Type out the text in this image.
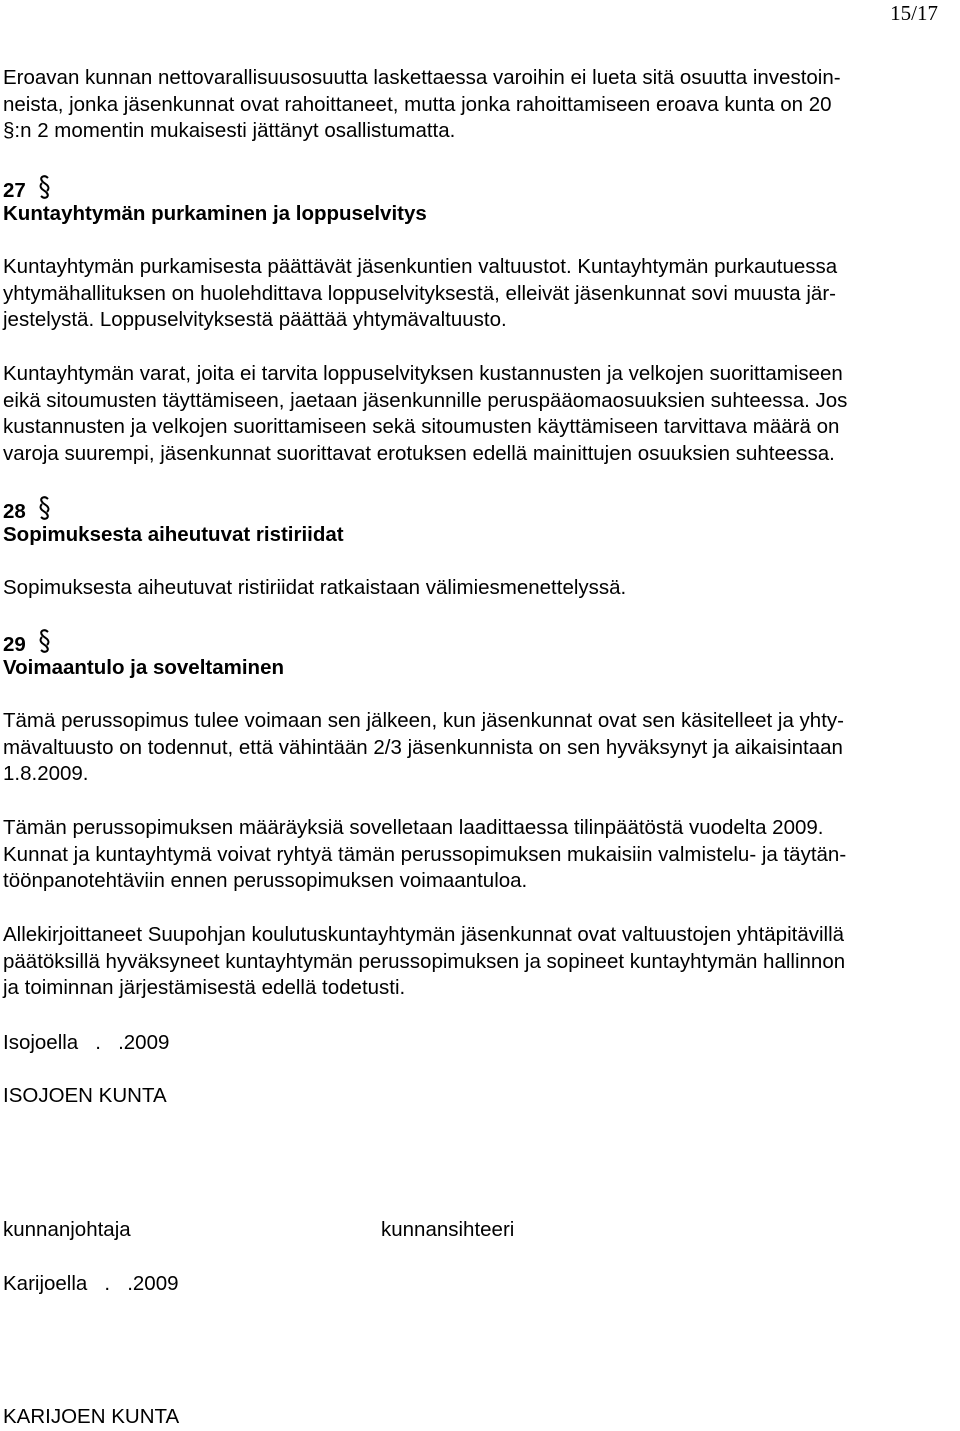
15/17
Eroavan kunnan nettovarallisuusosuutta laskettaessa varoihin ei lueta sitä osuutta investoin-
neista, jonka jäsenkunnat ovat rahoittaneet, mutta jonka rahoittamiseen eroava kunta on 20
§:n 2 momentin mukaisesti jättänyt osallistumatta.
27
Kuntayhtymän purkaminen ja loppuselvitys
Kuntayhtymän purkamisesta päättävät jäsenkuntien valtuustot. Kuntayhtymän purkautuessa
yhtymähallituksen on huolehdittava loppuselvityksestä, elleivät jäsenkunnat sovi muusta jär-
jestelystä. Loppuselvityksestä päättää yhtymävaltuusto.
Kuntayhtymän varat, joita ei tarvita loppuselvityksen kustannusten ja velkojen suorittamiseen
eikä sitoumusten täyttämiseen, jaetaan jäsenkunnille peruspääomaosuuksien suhteessa. Jos
kustannusten ja velkojen suorittamiseen sekä sitoumusten käyttämiseen tarvittava määrä on
varoja suurempi, jäsenkunnat suorittavat erotuksen edellä mainittujen osuuksien suhteessa.
28
Sopimuksesta aiheutuvat ristiriidat
Sopimuksesta aiheutuvat ristiriidat ratkaistaan välimiesmenettelyssä.
29
Voimaantulo ja soveltaminen
Tämä perussopimus tulee voimaan sen jälkeen, kun jäsenkunnat ovat sen käsitelleet ja yhty-
mävaltuusto on todennut, että vähintään 2/3 jäsenkunnista on sen hyväksynyt ja aikaisintaan
1.8.2009.
Tämän perussopimuksen määräyksiä sovelletaan laadittaessa tilinpäätöstä vuodelta 2009.
Kunnat ja kuntayhtymä voivat ryhtyä tämän perussopimuksen mukaisiin valmistelu- ja täytän-
töönpanotehtäviin ennen perussopimuksen voimaantuloa.
Allekirjoittaneet Suupohjan koulutuskuntayhtymän jäsenkunnat ovat valtuustojen yhtäpitävillä
päätöksillä hyväksyneet kuntayhtymän perussopimuksen ja sopineet kuntayhtymän hallinnon
ja toiminnan järjestämisestä edellä todetusti.
Isojoella   .   .2009
ISOJOEN KUNTA
kunnanjohtaja	kunnansihteeri
Karijoella   .   .2009
KARIJOEN KUNTA
